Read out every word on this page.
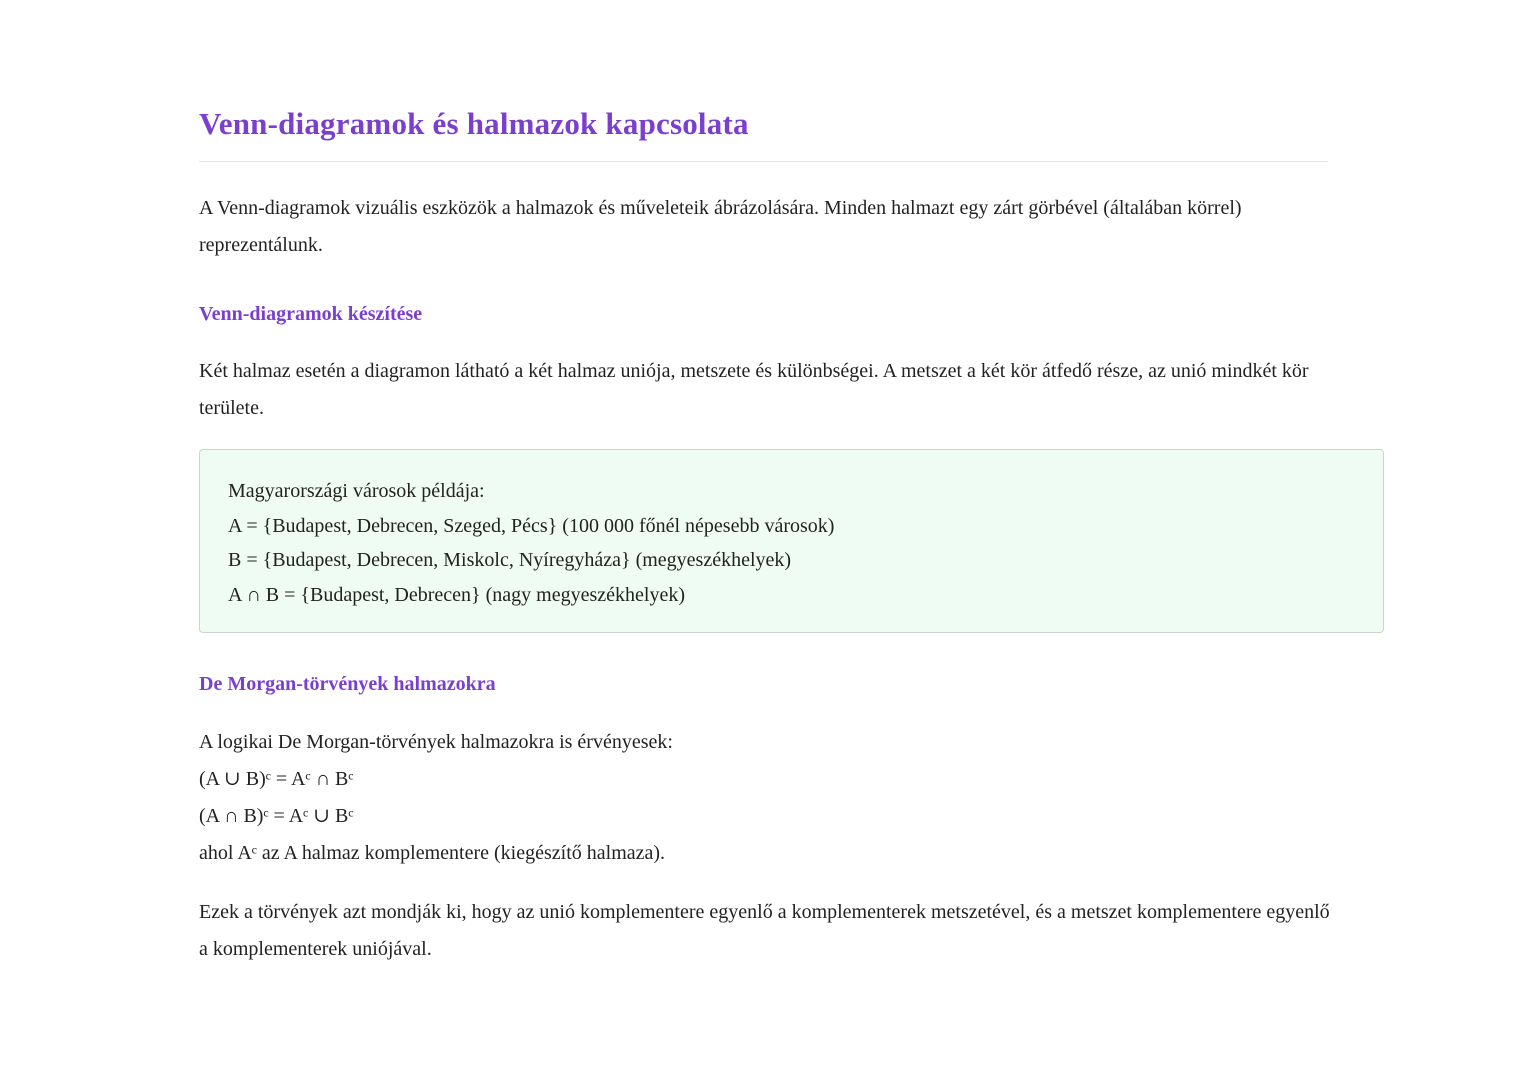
Venn-diagramok és halmazok kapcsolata

A Venn-diagramok vizuális eszközök a halmazok és műveleteik ábrázolására. Minden halmazt egy zárt görbével (általában körrel) reprezentálunk.

Venn-diagramok készítése

Két halmaz esetén a diagramon látható a két halmaz uniója, metszete és különbségei. A metszet a két kör átfedő része, az unió mindkét kör területe.

Magyarországi városok példája:
A = {Budapest, Debrecen, Szeged, Pécs} (100 000 főnél népesebb városok)
B = {Budapest, Debrecen, Miskolc, Nyíregyháza} (megyeszékhelyek)
A ∩ B = {Budapest, Debrecen} (nagy megyeszékhelyek)
De Morgan-törvények halmazokra
A logikai De Morgan-törvények halmazokra is érvényesek:
(A ∪ B)ᶜ = Aᶜ ∩ Bᶜ
(A ∩ B)ᶜ = Aᶜ ∪ Bᶜ
ahol Aᶜ az A halmaz komplementere (kiegészítő halmaza).

Ezek a törvények azt mondják ki, hogy az unió komplementere egyenlő a komplementerek metszetével, és a metszet komplementere egyenlő a komplementerek uniójával.
